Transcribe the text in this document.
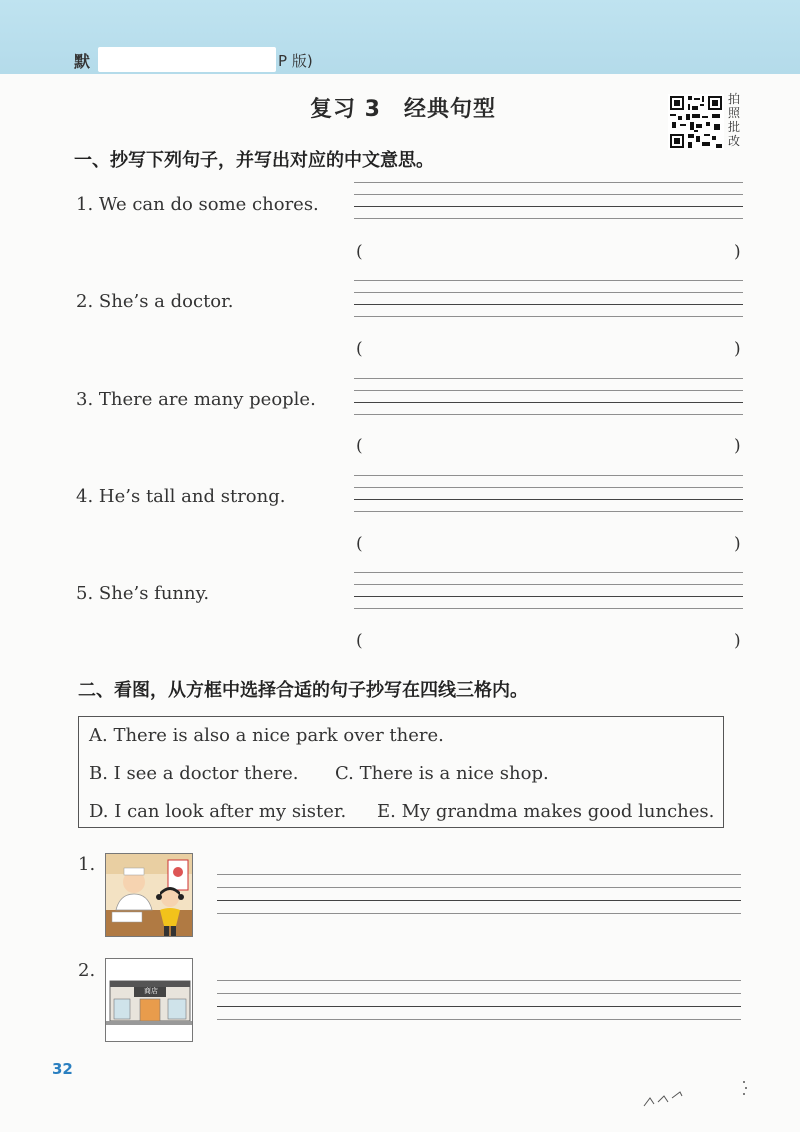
默	P 版)
复习 3　经典句型	拍照批改
一、抄写下列句子，并写出对应的中文意思。
1. We can do some chores.
(	)
2. She’s a doctor.
(	)
3. There are many people.
(	)
4. He’s tall and strong.
(	)
5. She’s funny.
(	)
二、看图，从方框中选择合适的句子抄写在四线三格内。
A. There is also a nice park over there.
B. I see a doctor there. C. There is a nice shop.
D. I can look after my sister. E. My grandma makes good lunches.
1.
2.
商店
32
